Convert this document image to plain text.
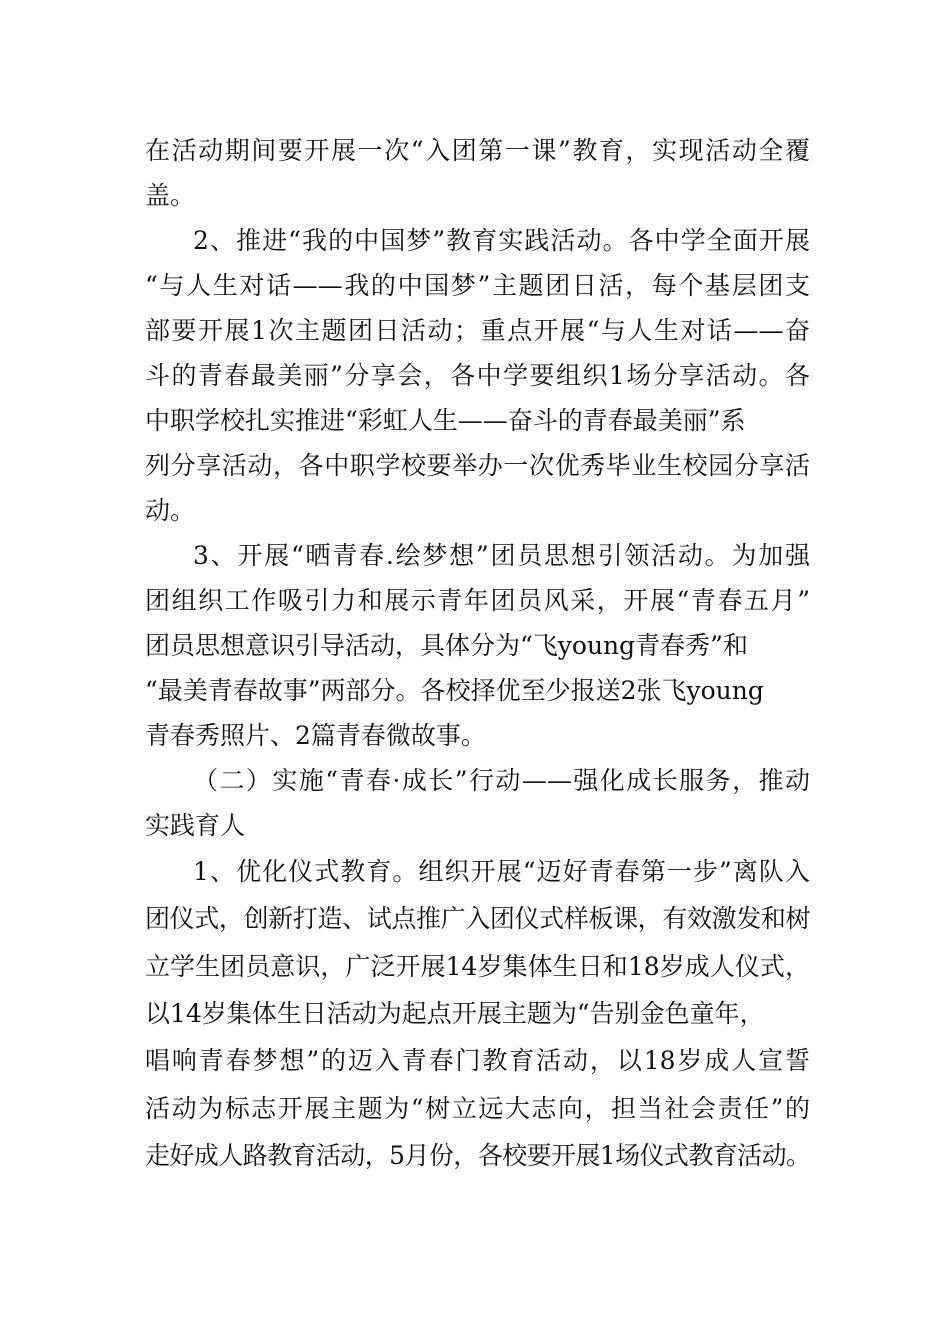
在活动期间要开展一次“入团第一课”教育，实现活动全覆
盖。
2、推进“我的中国梦”教育实践活动。各中学全面开展
“与人生对话——我的中国梦”主题团日活，每个基层团支
部要开展1次主题团日活动；重点开展“与人生对话——奋
斗的青春最美丽”分享会，各中学要组织1场分享活动。各
中职学校扎实推进“彩虹人生——奋斗的青春最美丽”系
列分享活动，各中职学校要举办一次优秀毕业生校园分享活
动。
3、开展“晒青春.绘梦想”团员思想引领活动。为加强
团组织工作吸引力和展示青年团员风采，开展“青春五月”
团员思想意识引导活动，具体分为“飞young青春秀”和
“最美青春故事”两部分。各校择优至少报送2张飞young
青春秀照片、2篇青春微故事。
（二）实施“青春·成长”行动——强化成长服务，推动
实践育人
1、优化仪式教育。组织开展“迈好青春第一步”离队入
团仪式，创新打造、试点推广入团仪式样板课，有效激发和树
立学生团员意识，广泛开展14岁集体生日和18岁成人仪式，
以14岁集体生日活动为起点开展主题为“告别金色童年，
唱响青春梦想”的迈入青春门教育活动，以18岁成人宣誓
活动为标志开展主题为“树立远大志向，担当社会责任”的
走好成人路教育活动，5月份，各校要开展1场仪式教育活动。
